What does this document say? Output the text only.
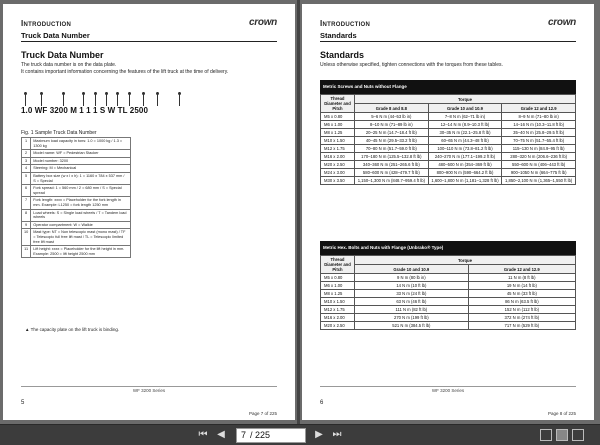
Introduction
Truck Data Number
crown
Truck Data Number
The truck data number is on the data plate.
It contains important information concerning the features of the lift truck at the time of delivery.
1.0 WF 3200 M 1 1 1 S W TL 2500
Fig. 1 Sample Truck Data Number
1	Maximum load capacity in tons: 1.0 = 1000 kg / 1.3 = 1300 kg
2	Model name: WF = Pedestrian Stacker
3	Model number: 3200
4	Steering: M = Mechanical
5	Battery box size (w x l x h): 1 = 1160 x 784 x 537 mm / S = Special
6	Fork spread: 1 = 560 mm / 2 = 680 mm / S = Special spread
7	Fork length: xxxx = Placeholder for the fork length in mm. Example: L1250 = fork length 1250 mm
8	Load wheels: S = Single load wheels / T = Tandem load wheels
9	Operator compartment: W = Walkie
10	Mast type: NT = Non telescopic mast (mono mast) / TF = Telescopic full free lift mast / TL = Telescopic limited free lift mast
11	Lift height: xxxx = Placeholder for the lift height in mm. Example: 2500 = lift height 2500 mm
▲ The capacity plate on the lift truck is binding.
WF 3200 Series
5
Page 7 of 225
Introduction
Standards
crown
Standards
Unless otherwise specified, tighten connections with the torques from these tables.
Metric Screws and Nuts without Flange
Thread Diameter and Pitch	Torque		
	Grade 8 and 8.8	Grade 10 and 10.9	Grade 12 and 12.9
M5 x 0.80	5–6 N m (44–53 lb in)	7–8 N m (62–71 lb in)	8–9 N m (71–80 lb in)
M6 x 1.00	8–10 N m (71–89 lb in)	12–14 N m (8.9–10.3 ft lb)	14–16 N m (10.3–11.8 ft lb)
M8 x 1.25	20–25 N m (14.7–18.4 ft lb)	30–35 N m (22.1–25.8 ft lb)	35–40 N m (25.8–29.5 ft lb)
M10 x 1.50	40–45 N m (29.5–33.2 ft lb)	60–65 N m (44.3–48 ft lb)	70–75 N m (51.7–55.4 ft lb)
M12 x 1.75	70–80 N m (51.7–59.0 ft lb)	100–110 N m (73.8–81.2 ft lb)	115–130 N m (84.9–95 ft lb)
M16 x 2.00	170–180 N m (125.5–132.8 ft lb)	240–270 N m (177.1–199.2 ft lb)	280–320 N m (206.6–236 ft lb)
M20 x 2.50	340–360 N m (251–265.6 ft lb)	480–500 N m (354–369 ft lb)	550–600 N m (406–443 ft lb)
M24 x 3.00	580–600 N m (428–479.7 ft lb)	800–900 N m (590–664.2 ft lb)	900–1050 N m (664–775 ft lb)
M30 x 3.50	1,150–1,300 N m (848.7–959.4 ft lb)	1,600–1,800 N m (1,181–1,328 ft lb)	1,850–2,100 N m (1,365–1,550 ft lb)
Metric Hex. Bolts and Nuts with Flange (Unbrako® Type)
Thread Diameter and Pitch	Torque	
	Grade 10 and 10.9	Grade 12 and 12.9
M5 x 0.80	9 N m (80 lb in)	11 N m (8 ft lb)
M6 x 1.00	14 N m (10 ft lb)	19 N m (14 ft lb)
M8 x 1.25	33 N m (24 ft lb)	45 N m (33 ft lb)
M10 x 1.50	63 N m (46 ft lb)	86 N m (63.5 ft lb)
M12 x 1.75	111 N m (82 ft lb)	152 N m (112 ft lb)
M16 x 2.00	270 N m (199 ft lb)	372 N m (274 ft lb)
M20 x 2.50	521 N m (384.5 ft lb)	717 N m (529 ft lb)
WF 3200 Series
6
Page 8 of 225
⏮ ◀	7 / 225	▶ ⏭
